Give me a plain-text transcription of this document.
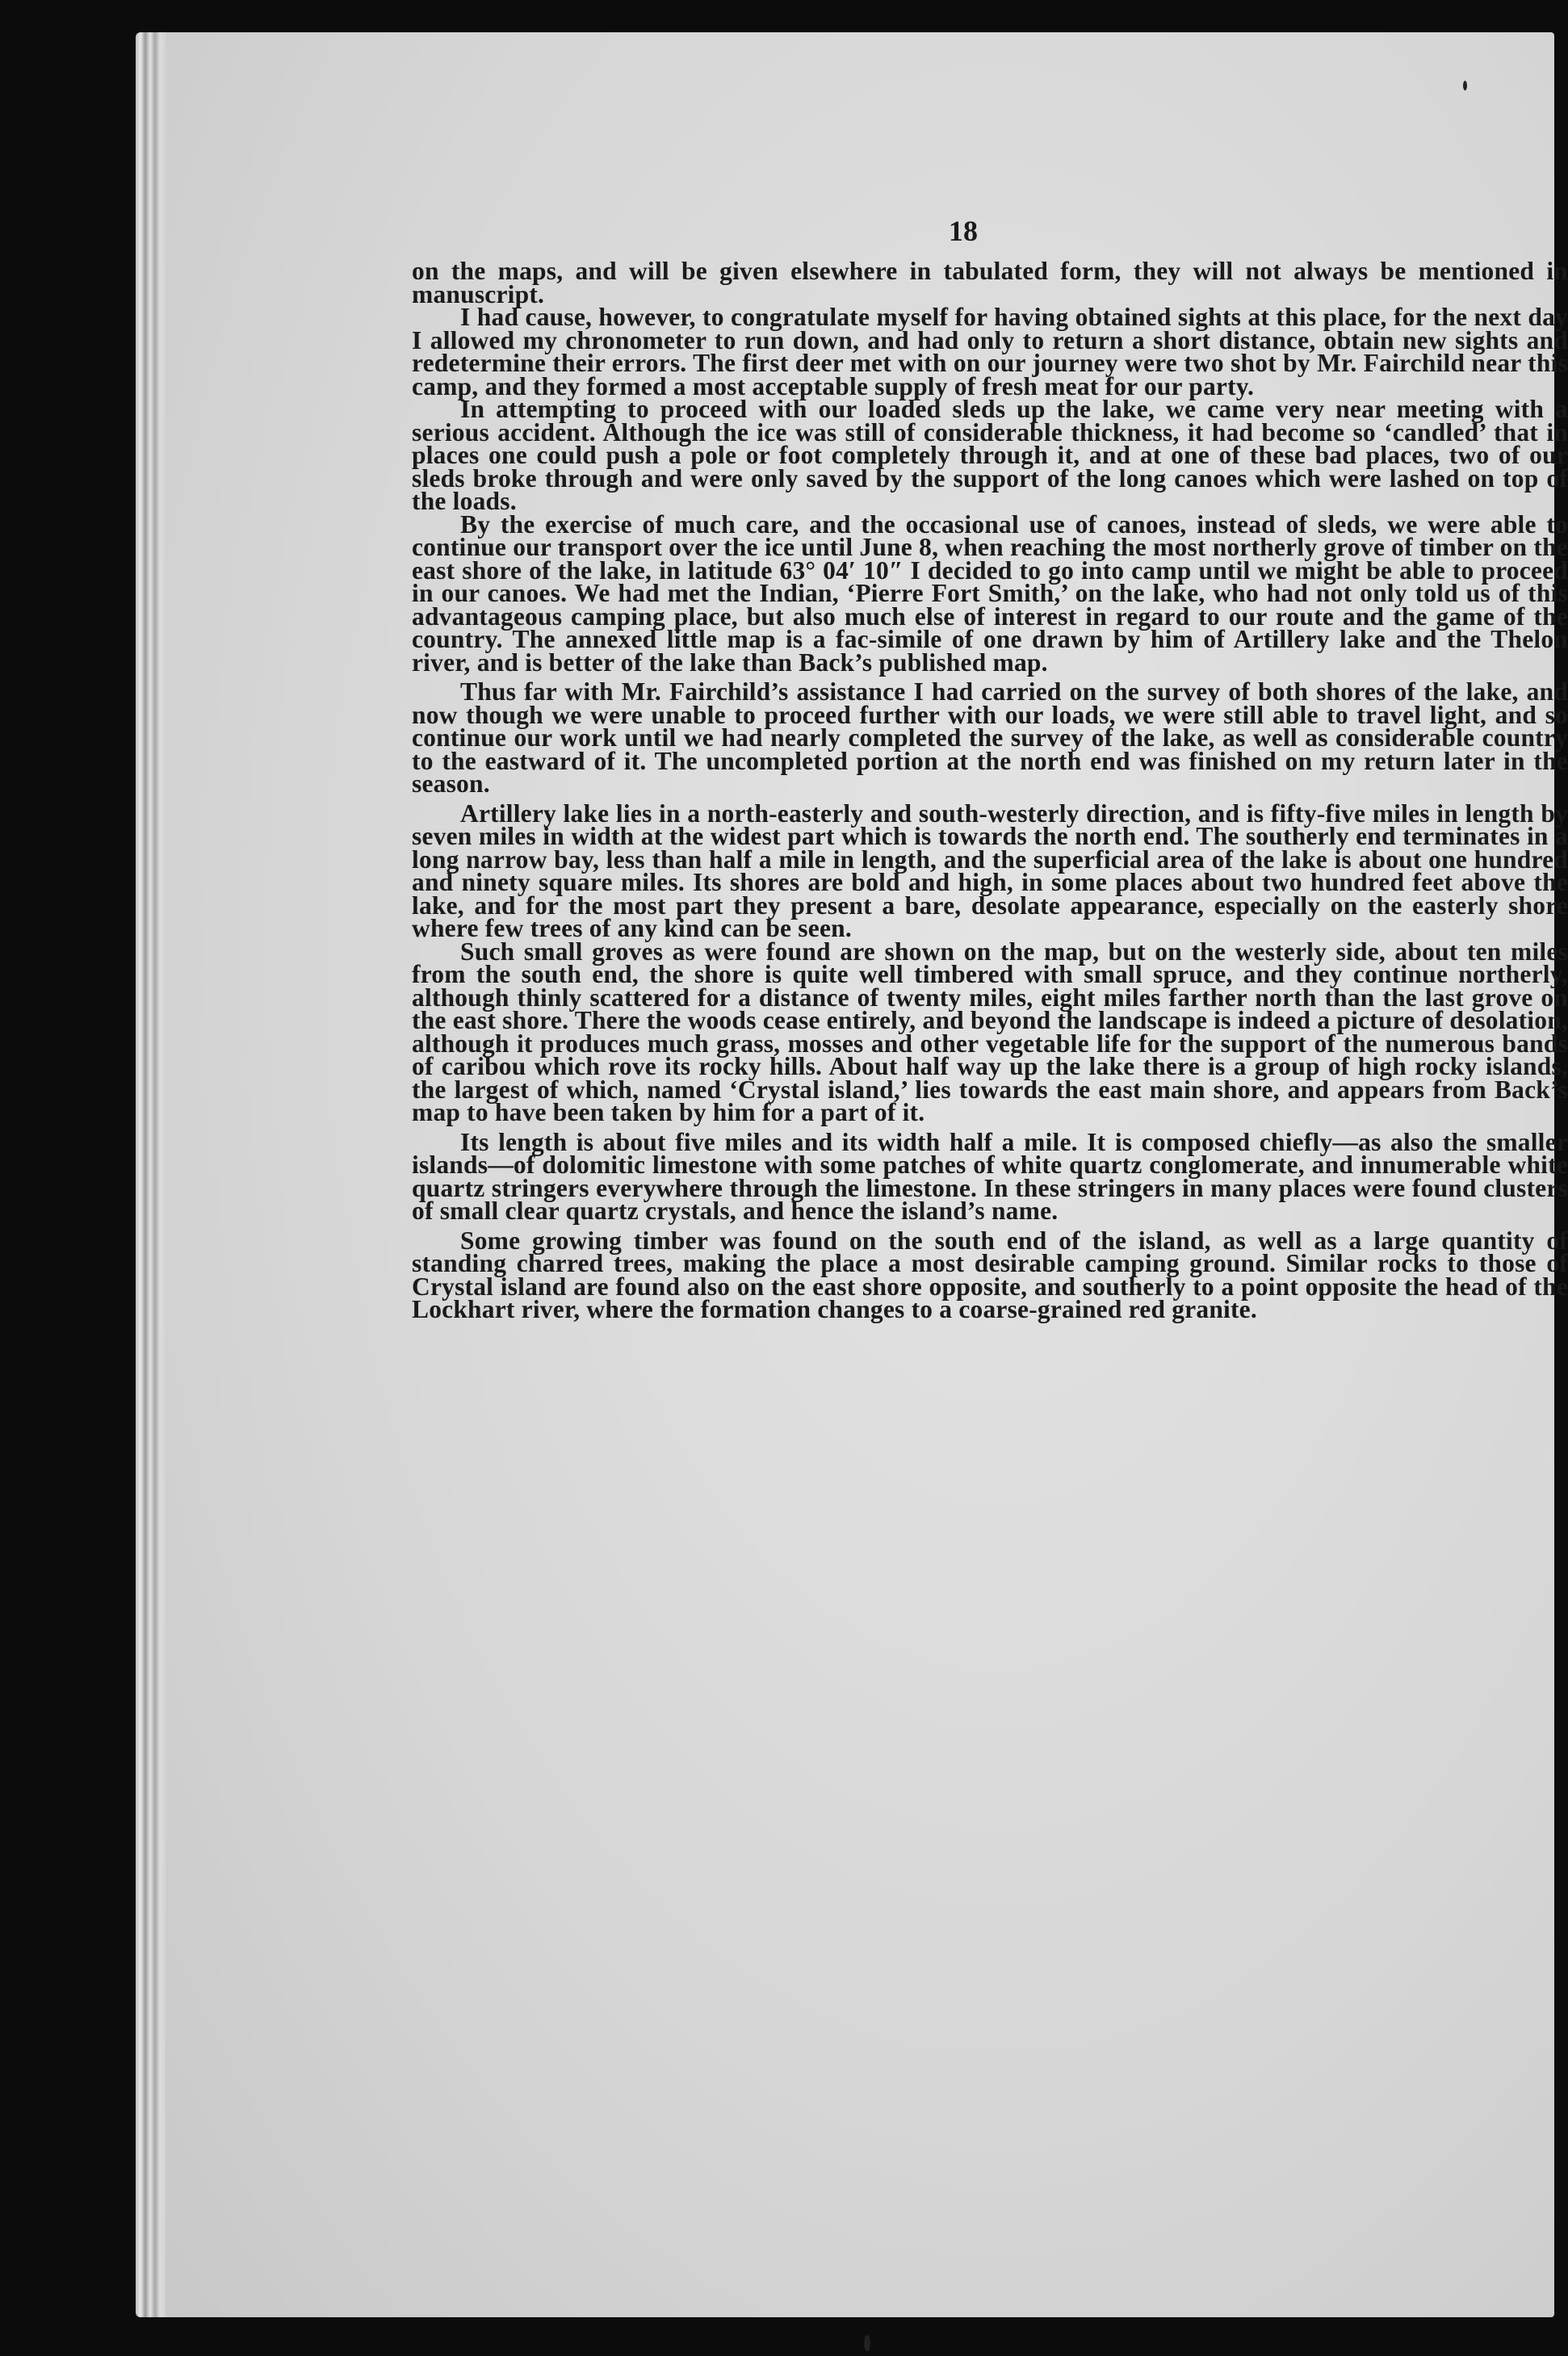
18

on the maps, and will be given elsewhere in tabulated form, they will not always be mentioned in manuscript.

I had cause, however, to congratulate myself for having obtained sights at this place, for the next day I allowed my chronometer to run down, and had only to return a short distance, obtain new sights and redetermine their errors. The first deer met with on our journey were two shot by Mr. Fairchild near this camp, and they formed a most acceptable supply of fresh meat for our party.

In attempting to proceed with our loaded sleds up the lake, we came very near meeting with a serious accident. Although the ice was still of considerable thickness, it had become so ‘candled’ that in places one could push a pole or foot completely through it, and at one of these bad places, two of our sleds broke through and were only saved by the support of the long canoes which were lashed on top of the loads.

By the exercise of much care, and the occasional use of canoes, instead of sleds, we were able to continue our transport over the ice until June 8, when reaching the most northerly grove of timber on the east shore of the lake, in latitude 63° 04′ 10″ I decided to go into camp until we might be able to proceed in our canoes. We had met the Indian, ‘Pierre Fort Smith,’ on the lake, who had not only told us of this advantageous camping place, but also much else of interest in regard to our route and the game of the country. The annexed little map is a fac-simile of one drawn by him of Artillery lake and the Thelon river, and is better of the lake than Back’s published map.

Thus far with Mr. Fairchild’s assistance I had carried on the survey of both shores of the lake, and now though we were unable to proceed further with our loads, we were still able to travel light, and so continue our work until we had nearly completed the survey of the lake, as well as considerable country to the eastward of it. The uncompleted portion at the north end was finished on my return later in the season.

Artillery lake lies in a north-easterly and south-westerly direction, and is fifty-five miles in length by seven miles in width at the widest part which is towards the north end. The southerly end terminates in a long narrow bay, less than half a mile in length, and the superficial area of the lake is about one hundred and ninety square miles. Its shores are bold and high, in some places about two hundred feet above the lake, and for the most part they present a bare, desolate appearance, especially on the easterly shore where few trees of any kind can be seen.

Such small groves as were found are shown on the map, but on the westerly side, about ten miles from the south end, the shore is quite well timbered with small spruce, and they continue northerly, although thinly scattered for a distance of twenty miles, eight miles farther north than the last grove on the east shore. There the woods cease entirely, and beyond the landscape is indeed a picture of desolation, although it produces much grass, mosses and other vegetable life for the support of the numerous bands of caribou which rove its rocky hills. About half way up the lake there is a group of high rocky islands, the largest of which, named ‘Crystal island,’ lies towards the east main shore, and appears from Back’s map to have been taken by him for a part of it.

Its length is about five miles and its width half a mile. It is composed chiefly—as also the smaller islands—of dolomitic limestone with some patches of white quartz conglomerate, and innumerable white quartz stringers everywhere through the limestone. In these stringers in many places were found clusters of small clear quartz crystals, and hence the island’s name.

Some growing timber was found on the south end of the island, as well as a large quantity of standing charred trees, making the place a most desirable camping ground. Similar rocks to those of Crystal island are found also on the east shore opposite, and southerly to a point opposite the head of the Lockhart river, where the formation changes to a coarse-grained red granite.
